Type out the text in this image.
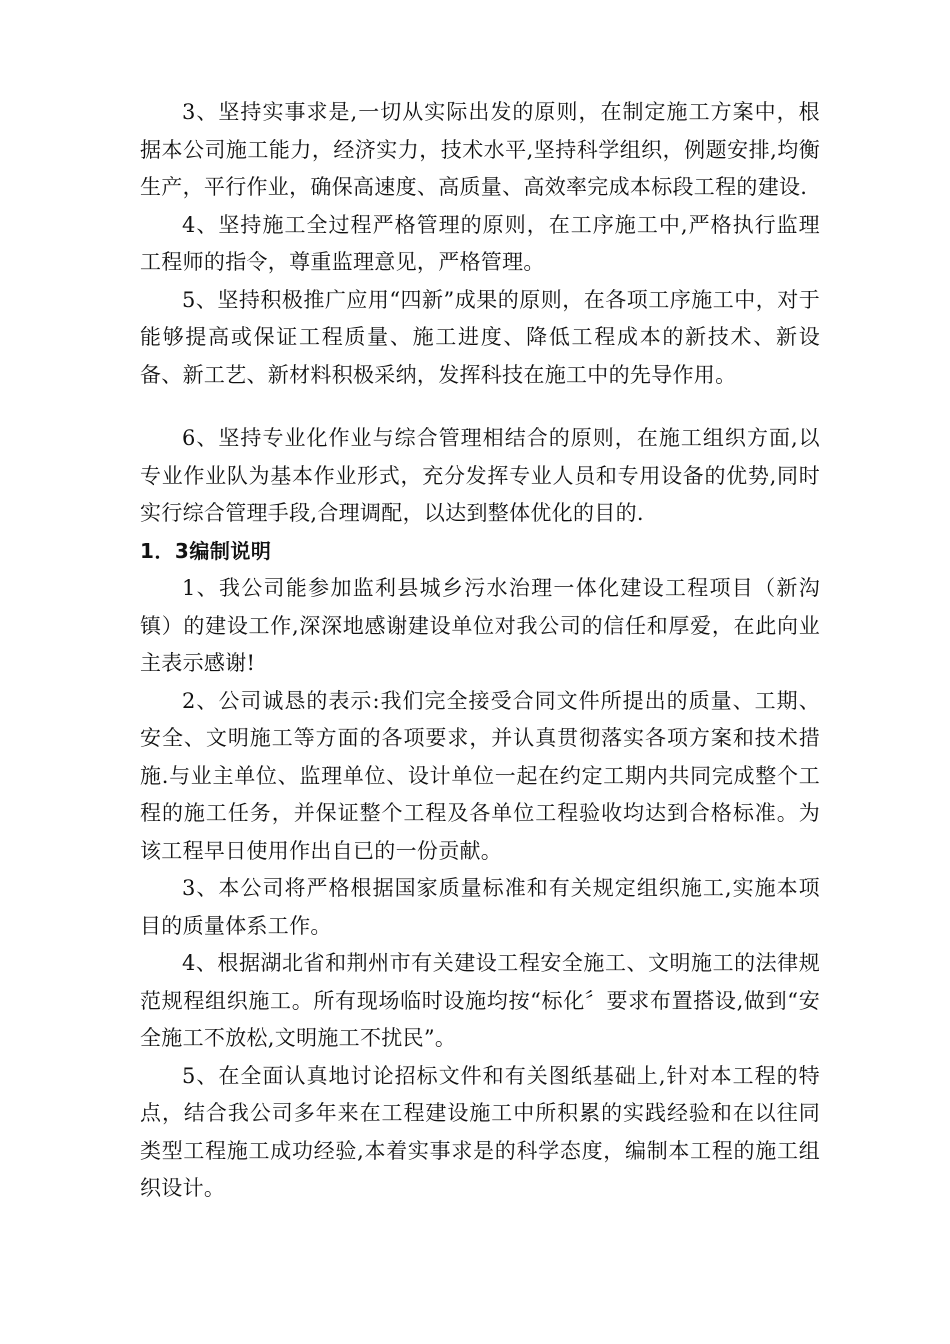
3、坚持实事求是,一切从实际出发的原则，在制定施工方案中，根据本公司施工能力，经济实力，技术水平,坚持科学组织，例题安排,均衡生产，平行作业，确保高速度、高质量、高效率完成本标段工程的建设.

4、坚持施工全过程严格管理的原则，在工序施工中,严格执行监理工程师的指令，尊重监理意见，严格管理。

5、坚持积极推广应用“四新”成果的原则，在各项工序施工中，对于能够提高或保证工程质量、施工进度、降低工程成本的新技术、新设备、新工艺、新材料积极采纳，发挥科技在施工中的先导作用。

6、坚持专业化作业与综合管理相结合的原则，在施工组织方面,以专业作业队为基本作业形式，充分发挥专业人员和专用设备的优势,同时实行综合管理手段,合理调配，以达到整体优化的目的.

1．3编制说明

1、我公司能参加监利县城乡污水治理一体化建设工程项目（新沟镇）的建设工作,深深地感谢建设单位对我公司的信任和厚爱，在此向业主表示感谢!

2、公司诚恳的表示:我们完全接受合同文件所提出的质量、工期、安全、文明施工等方面的各项要求，并认真贯彻落实各项方案和技术措施.与业主单位、监理单位、设计单位一起在约定工期内共同完成整个工程的施工任务，并保证整个工程及各单位工程验收均达到合格标准。为该工程早日使用作出自已的一份贡献。

3、本公司将严格根据国家质量标准和有关规定组织施工,实施本项目的质量体系工作。

4、根据湖北省和荆州市有关建设工程安全施工、文明施工的法律规范规程组织施工。所有现场临时设施均按“标化〞要求布置搭设,做到“安全施工不放松,文明施工不扰民”。

5、在全面认真地讨论招标文件和有关图纸基础上,针对本工程的特点，结合我公司多年来在工程建设施工中所积累的实践经验和在以往同类型工程施工成功经验,本着实事求是的科学态度，编制本工程的施工组织设计。
